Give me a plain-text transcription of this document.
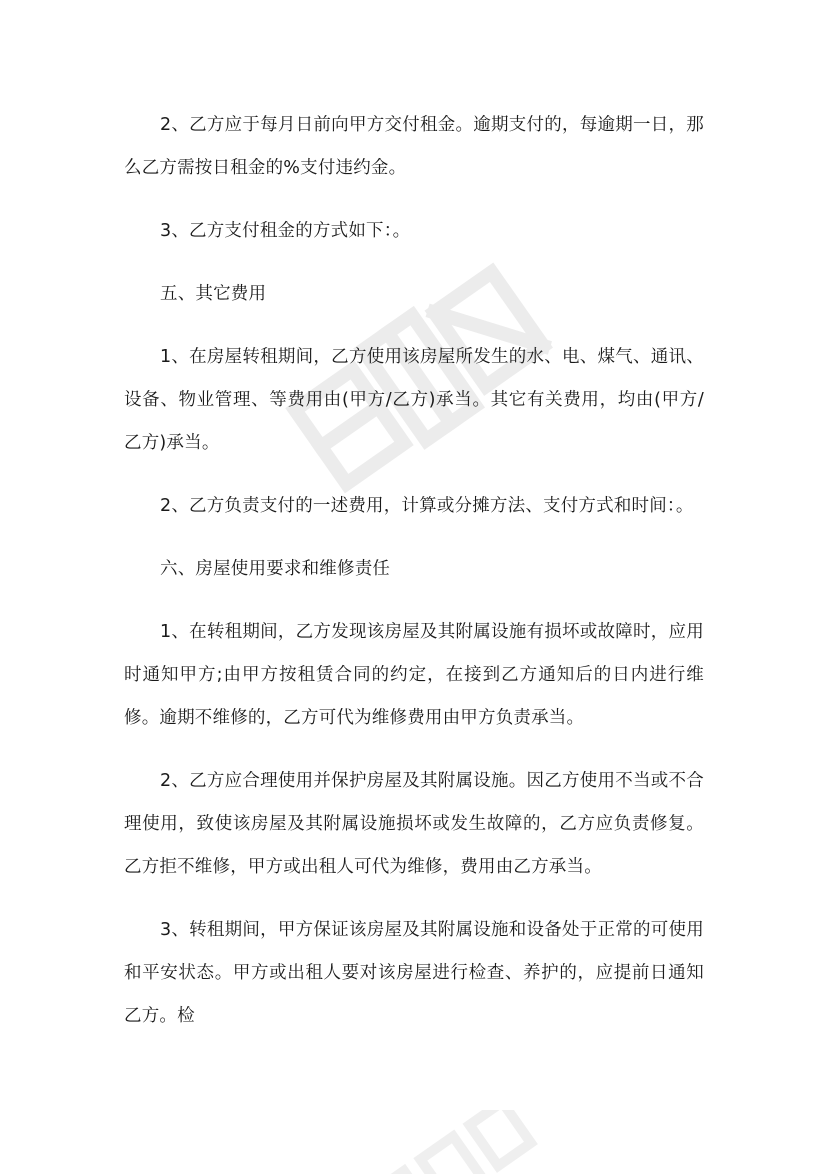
2、乙方应于每月日前向甲方交付租金。逾期支付的，每逾期一日，那么乙方需按日租金的%支付违约金。

3、乙方支付租金的方式如下：。

五、其它费用

1、在房屋转租期间，乙方使用该房屋所发生的水、电、煤气、通讯、设备、物业管理、等费用由(甲方/乙方)承当。其它有关费用，均由(甲方/乙方)承当。

2、乙方负责支付的一述费用，计算或分摊方法、支付方式和时间：。

六、房屋使用要求和维修责任

1、在转租期间，乙方发现该房屋及其附属设施有损坏或故障时，应用时通知甲方;由甲方按租赁合同的约定，在接到乙方通知后的日内进行维修。逾期不维修的，乙方可代为维修费用由甲方负责承当。

2、乙方应合理使用并保护房屋及其附属设施。因乙方使用不当或不合理使用，致使该房屋及其附属设施损坏或发生故障的，乙方应负责修复。乙方拒不维修，甲方或出租人可代为维修，费用由乙方承当。

3、转租期间，甲方保证该房屋及其附属设施和设备处于正常的可使用和平安状态。甲方或出租人要对该房屋进行检查、养护的，应提前日通知乙方。检
